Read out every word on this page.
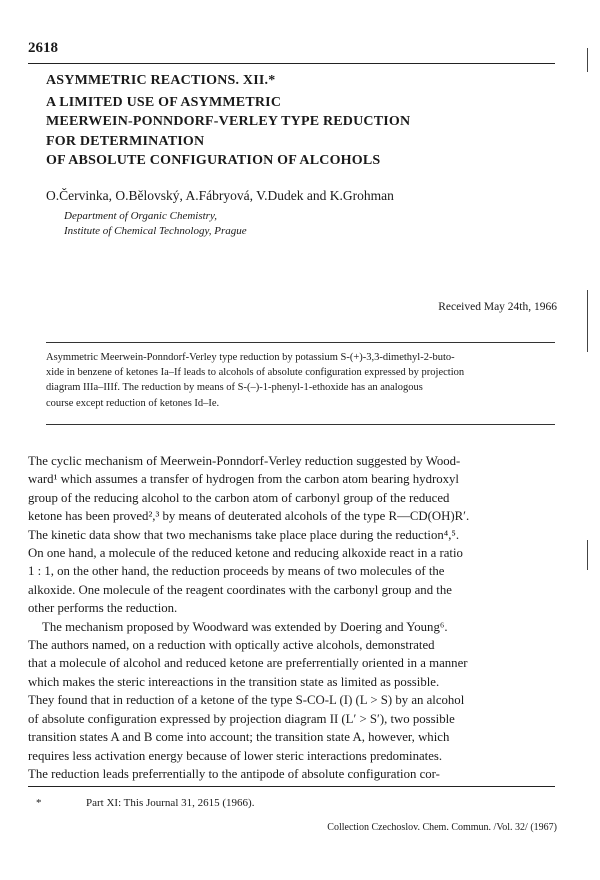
2618
ASYMMETRIC REACTIONS. XII.*
A LIMITED USE OF ASYMMETRIC
MEERWEIN-PONNDORF-VERLEY TYPE REDUCTION
FOR DETERMINATION
OF ABSOLUTE CONFIGURATION OF ALCOHOLS
O.Červinka, O.Bělovský, A.Fábryová, V.Dudek and K.Grohman
Department of Organic Chemistry,
Institute of Chemical Technology, Prague
Received May 24th, 1966
Asymmetric Meerwein-Ponndorf-Verley type reduction by potassium S-(+)-3,3-dimethyl-2-buto-
xide in benzene of ketones Ia–If leads to alcohols of absolute configuration expressed by projection
diagram IIIa–IIIf. The reduction by means of S-(–)-1-phenyl-1-ethoxide has an analogous
course except reduction of ketones Id–Ie.
The cyclic mechanism of Meerwein-Ponndorf-Verley reduction suggested by Wood-
ward¹ which assumes a transfer of hydrogen from the carbon atom bearing hydroxyl
group of the reducing alcohol to the carbon atom of carbonyl group of the reduced
ketone has been proved²,³ by means of deuterated alcohols of the type R—CD(OH)R′.
The kinetic data show that two mechanisms take place place during the reduction⁴,⁵.
On one hand, a molecule of the reduced ketone and reducing alkoxide react in a ratio
1 : 1, on the other hand, the reduction proceeds by means of two molecules of the
alkoxide. One molecule of the reagent coordinates with the carbonyl group and the
other performs the reduction.
The mechanism proposed by Woodward was extended by Doering and Young⁶.
The authors named, on a reduction with optically active alcohols, demonstrated
that a molecule of alcohol and reduced ketone are preferrentially oriented in a manner
which makes the steric intereactions in the transition state as limited as possible.
They found that in reduction of a ketone of the type S-CO-L (I) (L > S) by an alcohol
of absolute configuration expressed by projection diagram II (L′ > S′), two possible
transition states A and B come into account; the transition state A, however, which
requires less activation energy because of lower steric interactions predominates.
The reduction leads preferrentially to the antipode of absolute configuration cor-
*	Part XI: This Journal 31, 2615 (1966).
Collection Czechoslov. Chem. Commun. /Vol. 32/ (1967)
